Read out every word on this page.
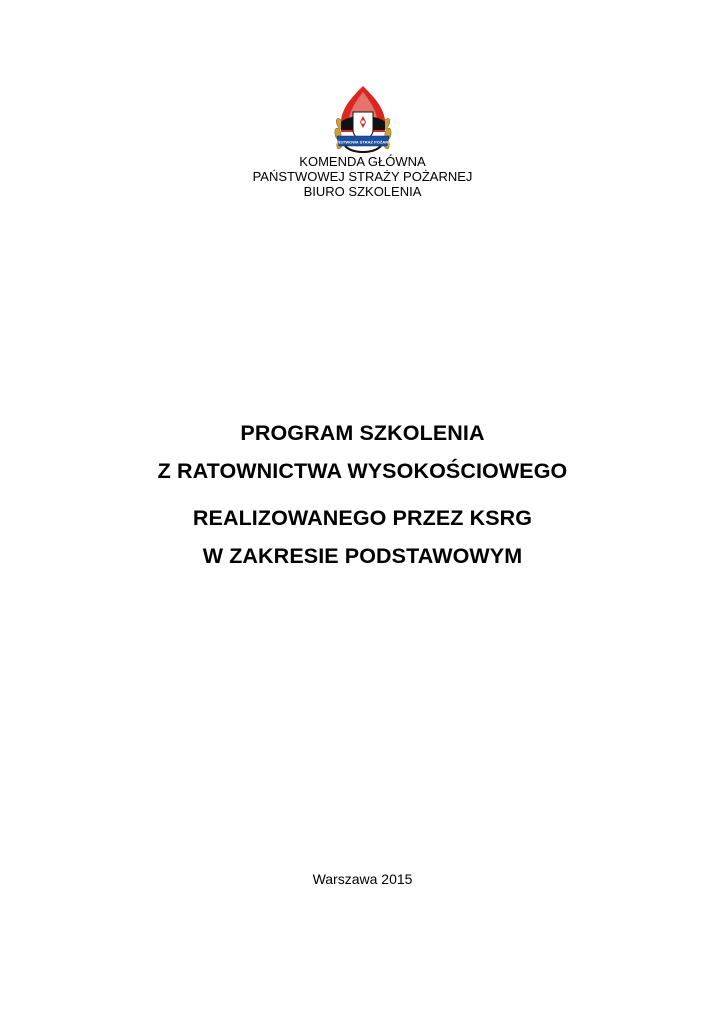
PAŃSTWOWA STRAŻ POŻARNA
KOMENDA GŁÓWNA
PAŃSTWOWEJ STRAŻY POŻARNEJ
BIURO SZKOLENIA
PROGRAM SZKOLENIA
Z RATOWNICTWA WYSOKOŚCIOWEGO
REALIZOWANEGO PRZEZ KSRG
W ZAKRESIE PODSTAWOWYM
Warszawa 2015
